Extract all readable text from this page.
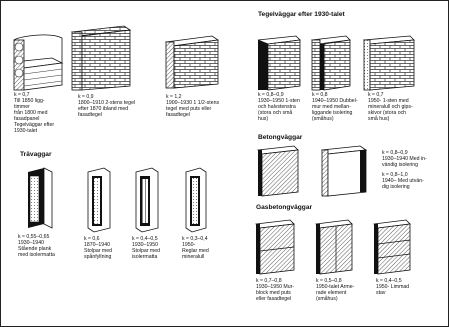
Tegelväggar efter 1930-talet
Trävaggar
Betongväggar
Gasbetongväggar
k ≈ 0,7
Till 1850 ligg-
timmer
från 1800 med
fasadpanel
Tegelväggar efter
1930-talet
k ≈ 0,9
1800–1910 2-stens tegel
efter 1870 ibland med
fasadtegel
k ≈ 1,2
1900–1930 1 1/2-stens
tegel med puts eller
fasadtegel
k ≈ 0,8–0,9
1930–1950 1-sten
och halvstenstra
(stora och små
hus)
k ≈ 0,8
1940–1950 Dubbel-
mur med mellan-
liggande isolering
(småhus)
k ≈ 0,7
1950- 1-sten med
mineralull och gips-
skivor (stora och
små hus)
k ≈ 0,55–0,65
1930–1940
Stående plank
med isolermatta
k ≈ 0,6
1870–1940
Stolpar med
spånfyllning
k ≈ 0,4–0,5
1930–1950
Stolpar med
isolermatta
k ≈ 0,3–0,4
1950-
Reglar med
mineralull
k ≈ 0,8–0,9
1930–1940 Med in-
vändig isolering
k ≈ 0,8–1,0
1940– Med utvän-
dig isolering
k ≈ 0,7–0,8
1930–1950 Mur-
block med puts
eller fasadtegel
k ≈ 0,5–0,8
1950-talet Arme-
rade element
(småhus)
k ≈ 0,4–0,5
1950- Limmad
stav
